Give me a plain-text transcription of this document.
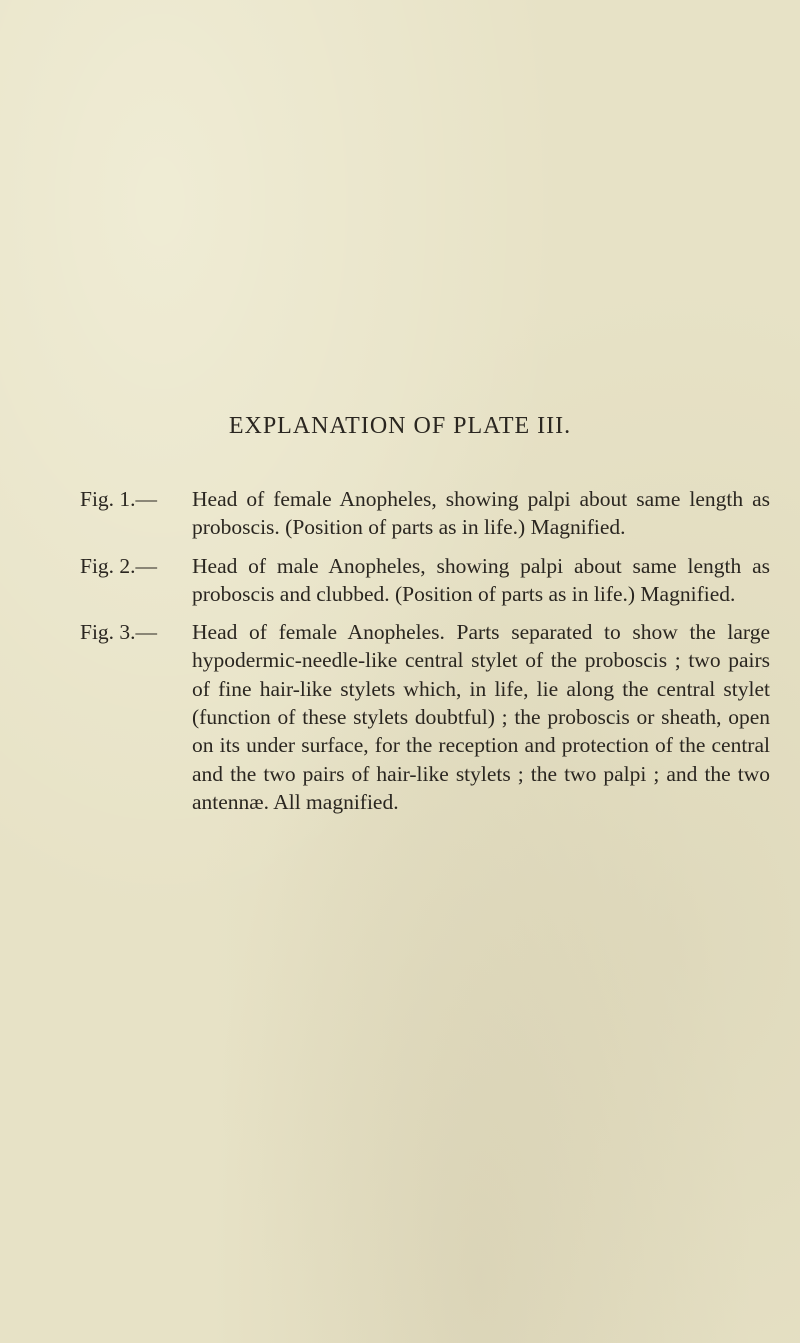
EXPLANATION OF PLATE III.
Fig. 1.—	Head of female Anopheles, showing palpi about same length as proboscis. (Position of parts as in life.) Magnified.
Fig. 2.—	Head of male Anopheles, showing palpi about same length as proboscis and clubbed. (Position of parts as in life.) Magnified.
Fig. 3.—	Head of female Anopheles. Parts separated to show the large hypodermic-needle-like central stylet of the proboscis ; two pairs of fine hair-like stylets which, in life, lie along the central stylet (function of these stylets doubtful) ; the proboscis or sheath, open on its under surface, for the reception and protection of the central and the two pairs of hair-like stylets ; the two palpi ; and the two antennæ. All magnified.
